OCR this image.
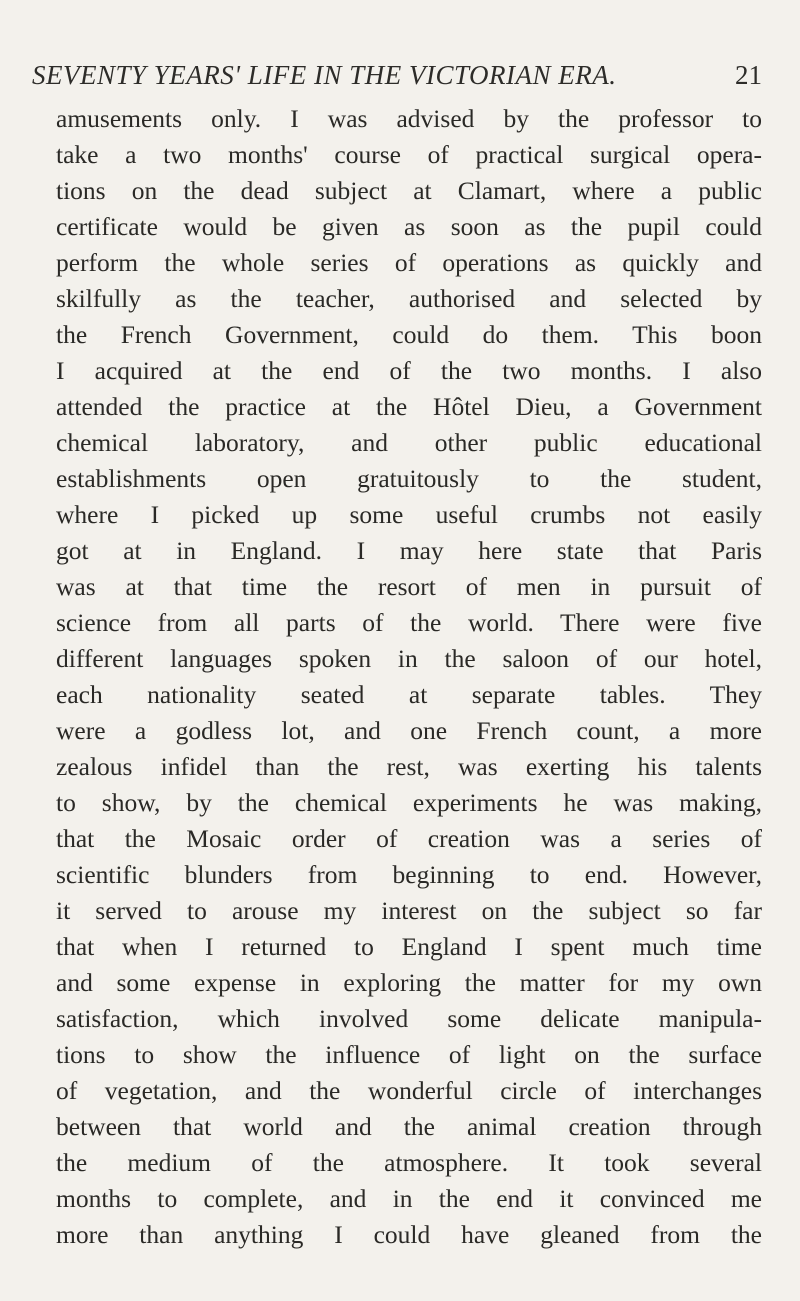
SEVENTY YEARS' LIFE IN THE VICTORIAN ERA.	21
amusements only. I was advised by the professor to
take a two months' course of practical surgical opera-
tions on the dead subject at Clamart, where a public
certificate would be given as soon as the pupil could
perform the whole series of operations as quickly and
skilfully as the teacher, authorised and selected by
the French Government, could do them. This boon
I acquired at the end of the two months. I also
attended the practice at the Hôtel Dieu, a Government
chemical laboratory, and other public educational
establishments open gratuitously to the student,
where I picked up some useful crumbs not easily
got at in England. I may here state that Paris
was at that time the resort of men in pursuit of
science from all parts of the world. There were five
different languages spoken in the saloon of our hotel,
each nationality seated at separate tables. They
were a godless lot, and one French count, a more
zealous infidel than the rest, was exerting his talents
to show, by the chemical experiments he was making,
that the Mosaic order of creation was a series of
scientific blunders from beginning to end. However,
it served to arouse my interest on the subject so far
that when I returned to England I spent much time
and some expense in exploring the matter for my own
satisfaction, which involved some delicate manipula-
tions to show the influence of light on the surface
of vegetation, and the wonderful circle of interchanges
between that world and the animal creation through
the medium of the atmosphere. It took several
months to complete, and in the end it convinced me
more than anything I could have gleaned from the
